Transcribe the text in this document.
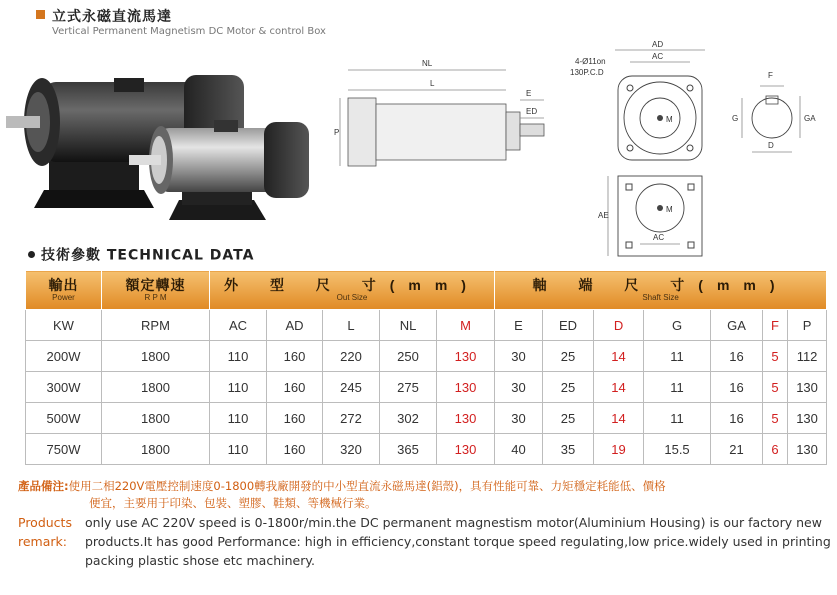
立式永磁直流馬達
Vertical Permanent Magnetism DC Motor & control Box
NL
L
P
E
ED
AD
AC
4-Ø11on
130P.C.D
M
F
G	GA
D
M
AE
AC
技術參數 TECHNICAL DATA
輸出
Power	額定轉速
R P M	外 型 尺 寸(mm)
Out Size					軸 端 尺 寸(mm)
Shaft Size						

KW	RPM	AC	AD	L	NL	M	E	ED	D	G	GA	F	P
200W	1800	110	160	220	250	130	30	25	14	11	16	5	112
300W	1800	110	160	245	275	130	30	25	14	11	16	5	130
500W	1800	110	160	272	302	130	30	25	14	11	16	5	130
750W	1800	110	160	320	365	130	40	35	19	15.5	21	6	130
產品備注:使用二相220V電壓控制速度0-1800轉我廠開發的中小型直流永磁馬達(鋁殼)，具有性能可靠、力矩穩定耗能低、價格
便宜，主要用于印染、包裝、塑膠、鞋類、等機械行業。
Products remark:
only use AC 220V speed is 0-1800r/min.the DC permanent magnestism motor(Aluminium Housing) is our factory new products.It has good Performance: high in efficiency,constant torque speed regulating,low price.widely used in printing packing plastic shose etc machinery.
